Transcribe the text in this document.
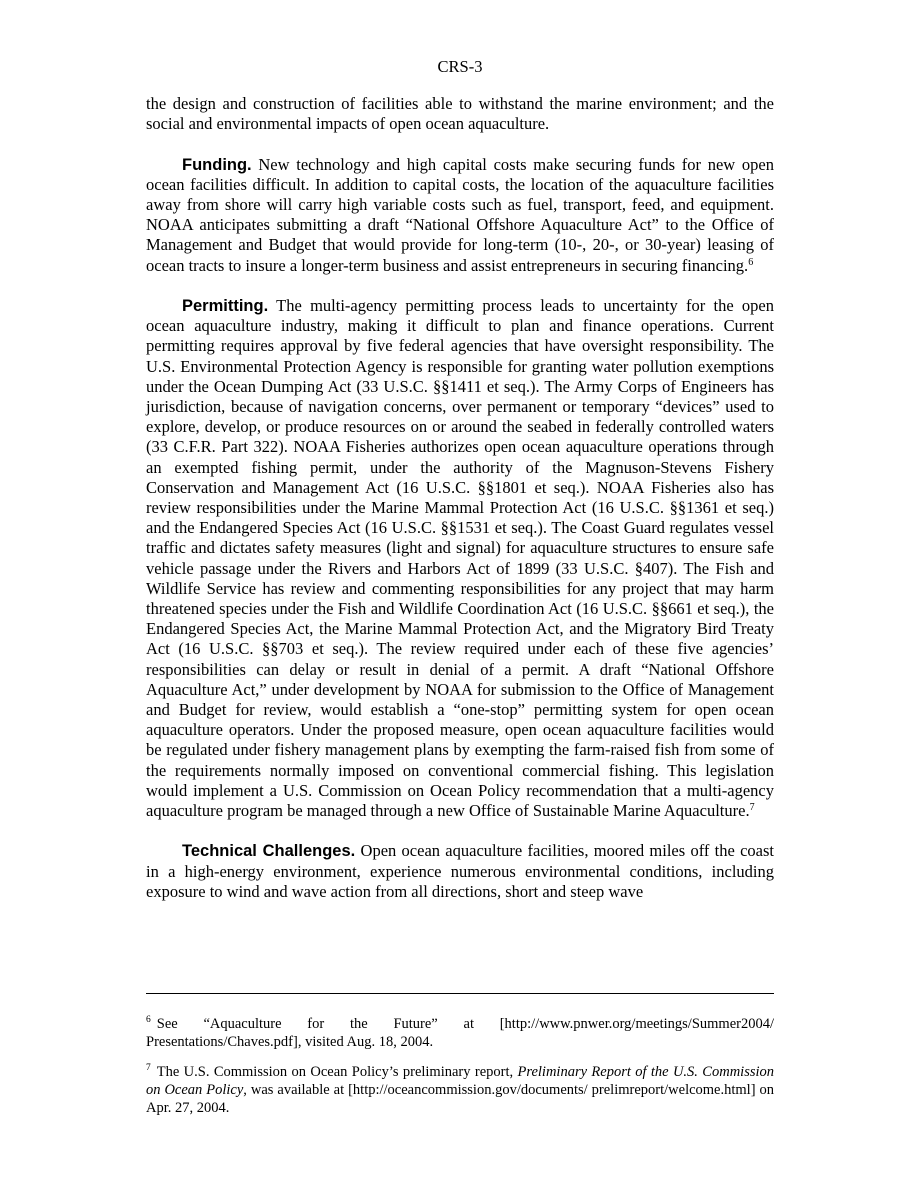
CRS-3

the design and construction of facilities able to withstand the marine environment; and the social and environmental impacts of open ocean aquaculture.

Funding. New technology and high capital costs make securing funds for new open ocean facilities difficult. In addition to capital costs, the location of the aquaculture facilities away from shore will carry high variable costs such as fuel, transport, feed, and equipment. NOAA anticipates submitting a draft “National Offshore Aquaculture Act” to the Office of Management and Budget that would provide for long-term (10-, 20-, or 30-year) leasing of ocean tracts to insure a longer-term business and assist entrepreneurs in securing financing.$^6$

Permitting. The multi-agency permitting process leads to uncertainty for the open ocean aquaculture industry, making it difficult to plan and finance operations. Current permitting requires approval by five federal agencies that have oversight responsibility. The U.S. Environmental Protection Agency is responsible for granting water pollution exemptions under the Ocean Dumping Act (33 U.S.C. §§1411 et seq.). The Army Corps of Engineers has jurisdiction, because of navigation concerns, over permanent or temporary “devices” used to explore, develop, or produce resources on or around the seabed in federally controlled waters (33 C.F.R. Part 322). NOAA Fisheries authorizes open ocean aquaculture operations through an exempted fishing permit, under the authority of the Magnuson-Stevens Fishery Conservation and Management Act (16 U.S.C. §§1801 et seq.). NOAA Fisheries also has review responsibilities under the Marine Mammal Protection Act (16 U.S.C. §§1361 et seq.) and the Endangered Species Act (16 U.S.C. §§1531 et seq.). The Coast Guard regulates vessel traffic and dictates safety measures (light and signal) for aquaculture structures to ensure safe vehicle passage under the Rivers and Harbors Act of 1899 (33 U.S.C. §407). The Fish and Wildlife Service has review and commenting responsibilities for any project that may harm threatened species under the Fish and Wildlife Coordination Act (16 U.S.C. §§661 et seq.), the Endangered Species Act, the Marine Mammal Protection Act, and the Migratory Bird Treaty Act (16 U.S.C. §§703 et seq.). The review required under each of these five agencies’ responsibilities can delay or result in denial of a permit. A draft “National Offshore Aquaculture Act,” under development by NOAA for submission to the Office of Management and Budget for review, would establish a “one-stop” permitting system for open ocean aquaculture operators. Under the proposed measure, open ocean aquaculture facilities would be regulated under fishery management plans by exempting the farm-raised fish from some of the requirements normally imposed on conventional commercial fishing. This legislation would implement a U.S. Commission on Ocean Policy recommendation that a multi-agency aquaculture program be managed through a new Office of Sustainable Marine Aquaculture.$^7$

Technical Challenges. Open ocean aquaculture facilities, moored miles off the coast in a high-energy environment, experience numerous environmental conditions, including exposure to wind and wave action from all directions, short and steep wave

$^6$ See “Aquaculture for the Future” at [http://www.pnwer.org/meetings/Summer2004/ Presentations/Chaves.pdf], visited Aug. 18, 2004.

$^7$ The U.S. Commission on Ocean Policy’s preliminary report, Preliminary Report of the U.S. Commission on Ocean Policy, was available at [http://oceancommission.gov/documents/ prelimreport/welcome.html] on Apr. 27, 2004.
